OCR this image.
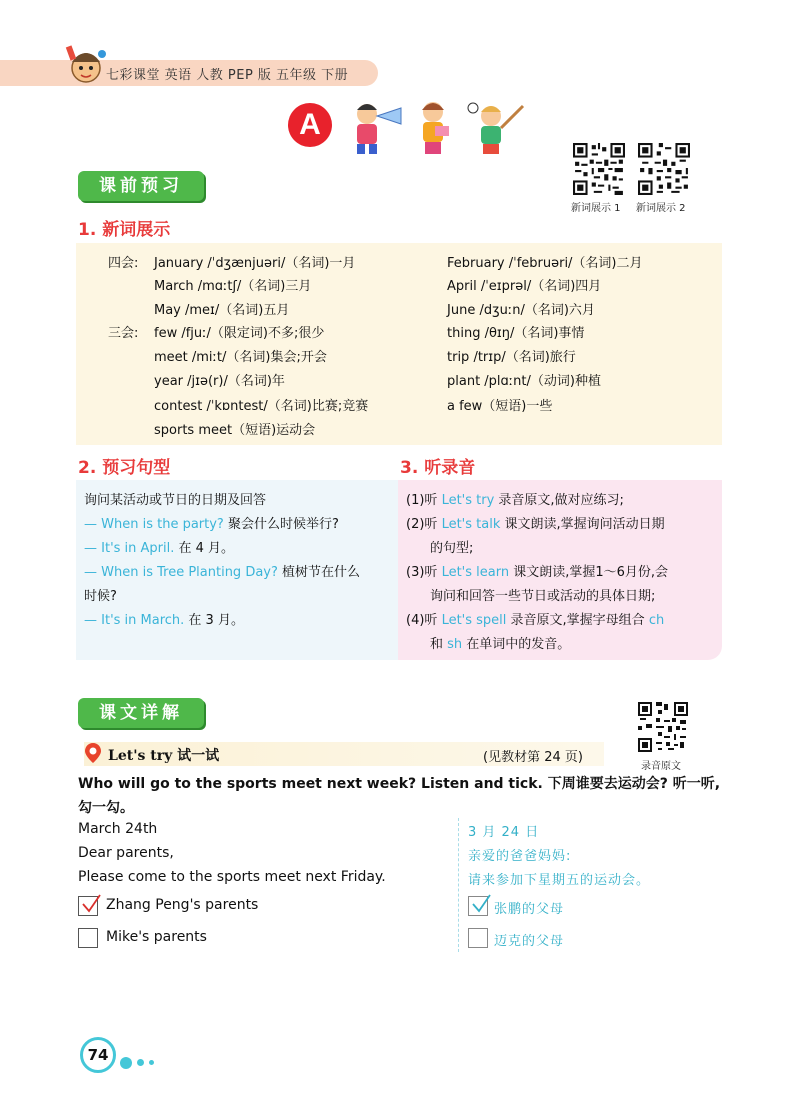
七彩课堂 英语 人教 PEP 版 五年级 下册
A
新词展示 1 新词展示 2
课前预习
1. 新词展示
四会:
三会:
January /ˈdʒænjuəri/（名词)一月
March /mɑːtʃ/（名词)三月
May /meɪ/（名词)五月
few /fjuː/（限定词)不多;很少
meet /miːt/（名词)集会;开会
year /jɪə(r)/（名词)年
contest /ˈkɒntest/（名词)比赛;竞赛
sports meet（短语)运动会
February /ˈfebruəri/（名词)二月
April /ˈeɪprəl/（名词)四月
June /dʒuːn/（名词)六月
thing /θɪŋ/（名词)事情
trip /trɪp/（名词)旅行
plant /plɑːnt/（动词)种植
a few（短语)一些
2. 预习句型	3. 听录音
询问某活动或节日的日期及回答
— When is the party? 聚会什么时候举行?
— It's in April. 在 4 月。
— When is Tree Planting Day? 植树节在什么
时候?
— It's in March. 在 3 月。
(1)听 Let's try 录音原文,做对应练习;
(2)听 Let's talk 课文朗读,掌握询问活动日期
的句型;
(3)听 Let's learn 课文朗读,掌握1～6月份,会
询问和回答一些节日或活动的具体日期;
(4)听 Let's spell 录音原文,掌握字母组合 ch
和 sh 在单词中的发音。
课文详解
录音原文
Let's try 试一试	(见教材第 24 页)
Who will go to the sports meet next week? Listen and tick. 下周谁要去运动会? 听一听,
勾一勾。
March 24th
Dear parents,
Please come to the sports meet next Friday.
3 月 24 日
亲爱的爸爸妈妈:
请来参加下星期五的运动会。
Zhang Peng's parents
Mike's parents
张鹏的父母
迈克的父母
74
